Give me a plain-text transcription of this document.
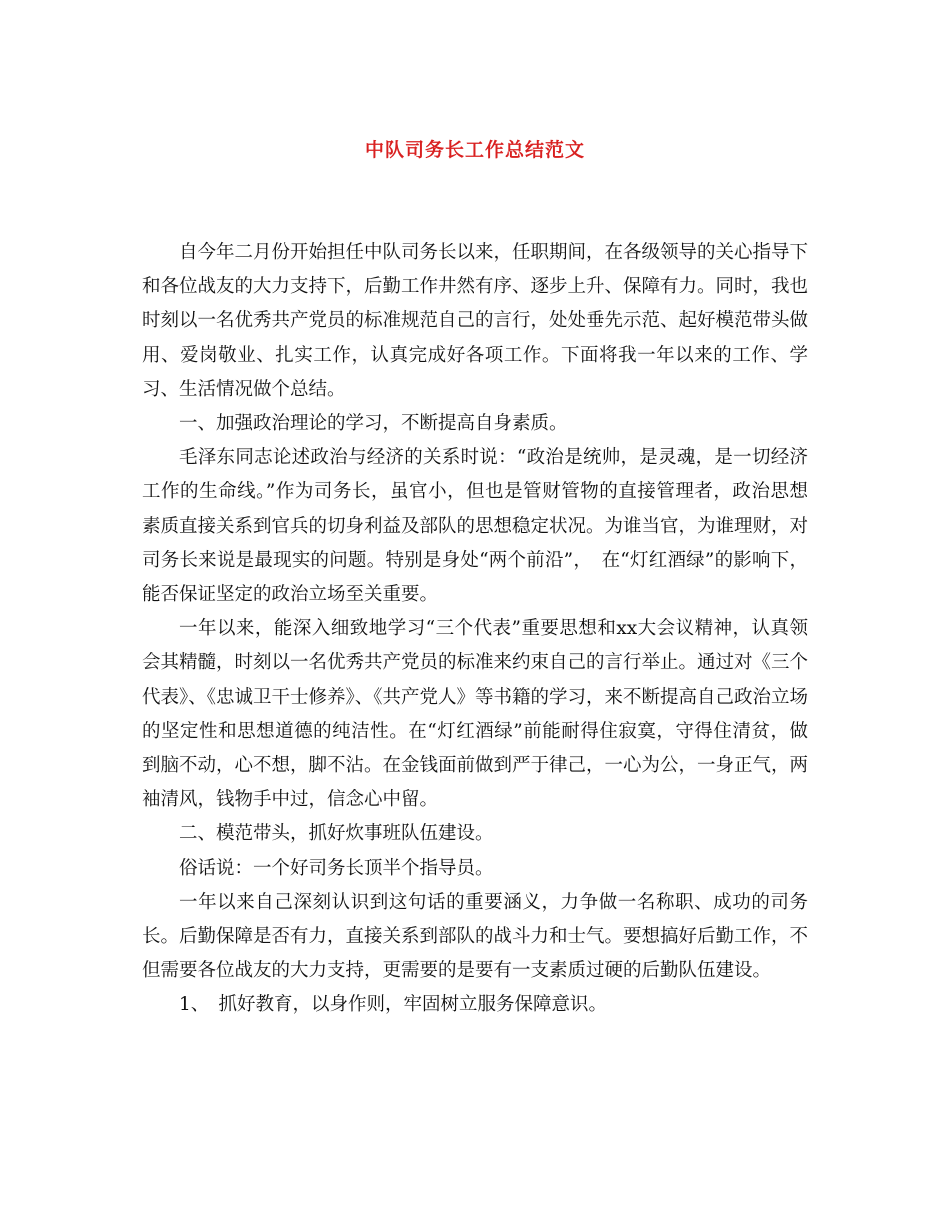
中队司务长工作总结范文

自今年二月份开始担任中队司务长以来，任职期间，在各级领导的关心指导下和各位战友的大力支持下，后勤工作井然有序、逐步上升、保障有力。同时，我也时刻以一名优秀共产党员的标准规范自己的言行，处处垂先示范、起好模范带头做用、爱岗敬业、扎实工作，认真完成好各项工作。下面将我一年以来的工作、学习、生活情况做个总结。

一、加强政治理论的学习，不断提高自身素质。

毛泽东同志论述政治与经济的关系时说：“政治是统帅，是灵魂，是一切经济工作的生命线。”作为司务长，虽官小，但也是管财管物的直接管理者，政治思想素质直接关系到官兵的切身利益及部队的思想稳定状况。为谁当官，为谁理财，对司务长来说是最现实的问题。特别是身处“两个前沿”，　在“灯红酒绿”的影响下，能否保证坚定的政治立场至关重要。

一年以来，能深入细致地学习“三个代表”重要思想和xx大会议精神，认真领会其精髓，时刻以一名优秀共产党员的标准来约束自己的言行举止。通过对《三个代表》、《忠诚卫干士修养》、《共产党人》等书籍的学习，来不断提高自己政治立场的坚定性和思想道德的纯洁性。在“灯红酒绿”前能耐得住寂寞，守得住清贫，做到脑不动，心不想，脚不沾。在金钱面前做到严于律己，一心为公，一身正气，两袖清风，钱物手中过，信念心中留。

二、模范带头，抓好炊事班队伍建设。

俗话说：一个好司务长顶半个指导员。

一年以来自己深刻认识到这句话的重要涵义，力争做一名称职、成功的司务长。后勤保障是否有力，直接关系到部队的战斗力和士气。要想搞好后勤工作，不但需要各位战友的大力支持，更需要的是要有一支素质过硬的后勤队伍建设。

1、　抓好教育，以身作则，牢固树立服务保障意识。
